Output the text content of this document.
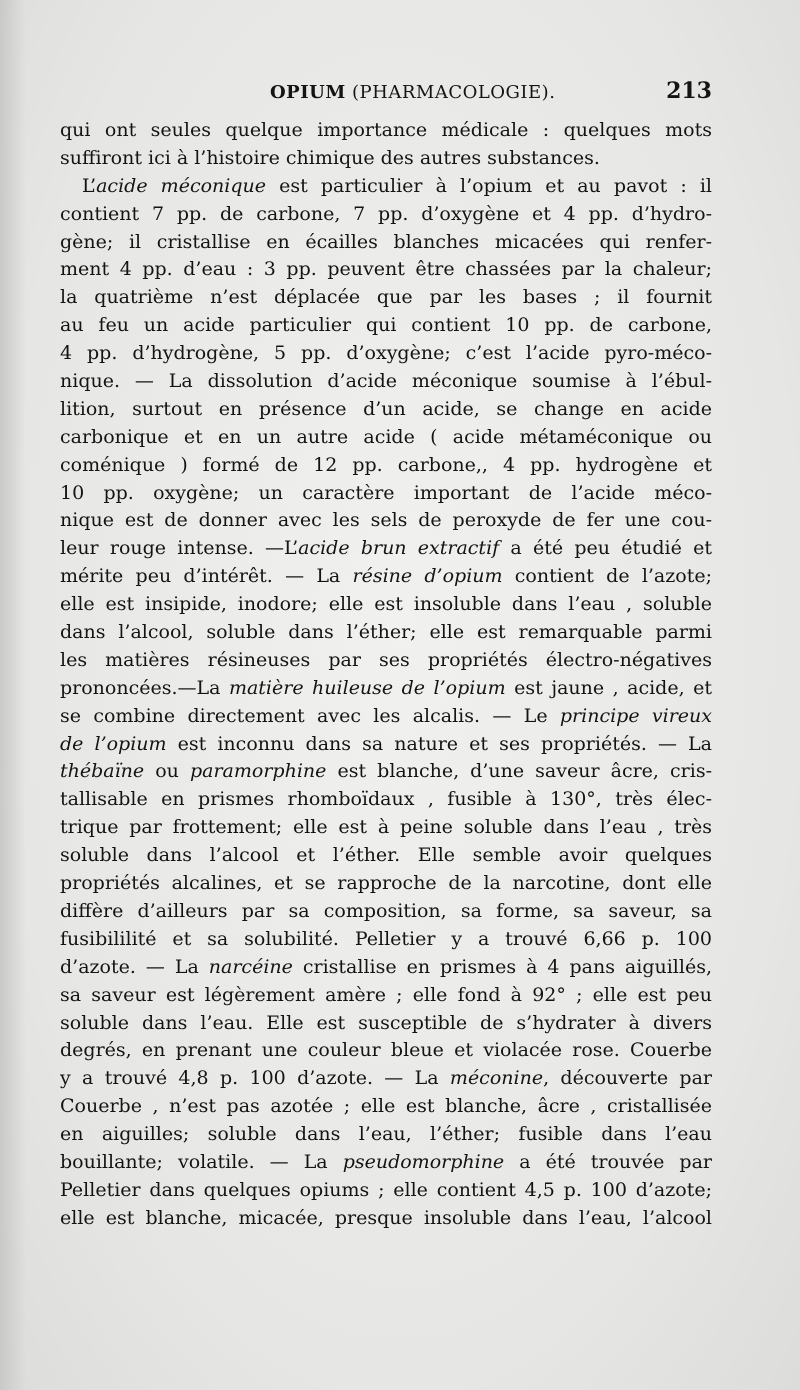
OPIUM (PHARMACOLOGIE).	213
qui ont seules quelque importance médicale : quelques mots
suffiront ici à l’histoire chimique des autres substances.
L’acide méconique est particulier à l’opium et au pavot : il
contient 7 pp. de carbone, 7 pp. d’oxygène et 4 pp. d’hydro-
gène; il cristallise en écailles blanches micacées qui renfer-
ment 4 pp. d’eau : 3 pp. peuvent être chassées par la chaleur;
la quatrième n’est déplacée que par les bases ; il fournit
au feu un acide particulier qui contient 10 pp. de carbone,
4 pp. d’hydrogène, 5 pp. d’oxygène; c’est l’acide pyro-méco-
nique. — La dissolution d’acide méconique soumise à l’ébul-
lition, surtout en présence d’un acide, se change en acide
carbonique et en un autre acide ( acide métaméconique ou
coménique ) formé de 12 pp. carbone,, 4 pp. hydrogène et
10 pp. oxygène; un caractère important de l’acide méco-
nique est de donner avec les sels de peroxyde de fer une cou-
leur rouge intense. —L’acide brun extractif a été peu étudié et
mérite peu d’intérêt. — La résine d’opium contient de l’azote;
elle est insipide, inodore; elle est insoluble dans l’eau , soluble
dans l’alcool, soluble dans l’éther; elle est remarquable parmi
les matières résineuses par ses propriétés électro-négatives
prononcées.—La matière huileuse de l’opium est jaune , acide, et
se combine directement avec les alcalis. — Le principe vireux
de l’opium est inconnu dans sa nature et ses propriétés. — La
thébaïne ou paramorphine est blanche, d’une saveur âcre, cris-
tallisable en prismes rhomboïdaux , fusible à 130°, très élec-
trique par frottement; elle est à peine soluble dans l’eau , très
soluble dans l’alcool et l’éther. Elle semble avoir quelques
propriétés alcalines, et se rapproche de la narcotine, dont elle
diffère d’ailleurs par sa composition, sa forme, sa saveur, sa
fusibililité et sa solubilité. Pelletier y a trouvé 6,66 p. 100
d’azote. — La narcéine cristallise en prismes à 4 pans aiguillés,
sa saveur est légèrement amère ; elle fond à 92° ; elle est peu
soluble dans l’eau. Elle est susceptible de s’hydrater à divers
degrés, en prenant une couleur bleue et violacée rose. Couerbe
y a trouvé 4,8 p. 100 d’azote. — La méconine, découverte par
Couerbe , n’est pas azotée ; elle est blanche, âcre , cristallisée
en aiguilles; soluble dans l’eau, l’éther; fusible dans l’eau
bouillante; volatile. — La pseudomorphine a été trouvée par
Pelletier dans quelques opiums ; elle contient 4,5 p. 100 d’azote;
elle est blanche, micacée, presque insoluble dans l’eau, l’alcool
